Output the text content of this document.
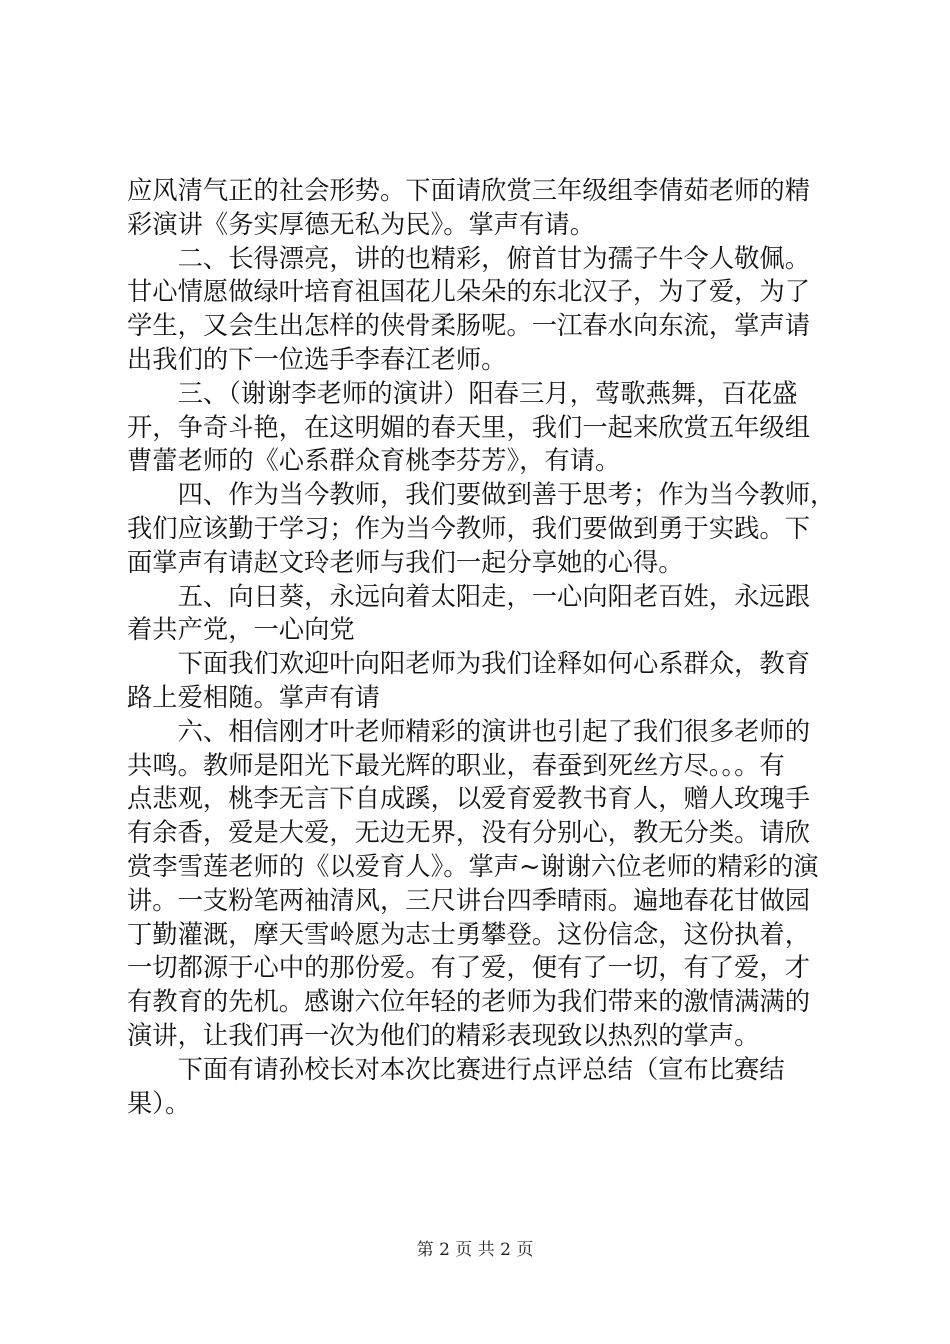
应风清气正的社会形势。下面请欣赏三年级组李倩茹老师的精
彩演讲《务实厚德无私为民》。掌声有请。
　　二、长得漂亮，讲的也精彩，俯首甘为孺子牛令人敬佩。
甘心情愿做绿叶培育祖国花儿朵朵的东北汉子，为了爱，为了
学生，又会生出怎样的侠骨柔肠呢。一江春水向东流，掌声请
出我们的下一位选手李春江老师。
　　三、（谢谢李老师的演讲）阳春三月，莺歌燕舞，百花盛
开，争奇斗艳，在这明媚的春天里，我们一起来欣赏五年级组
曹蕾老师的《心系群众育桃李芬芳》，有请。
　　四、作为当今教师，我们要做到善于思考；作为当今教师，
我们应该勤于学习；作为当今教师，我们要做到勇于实践。下
面掌声有请赵文玲老师与我们一起分享她的心得。
　　五、向日葵，永远向着太阳走，一心向阳老百姓，永远跟
着共产党，一心向党
　　下面我们欢迎叶向阳老师为我们诠释如何心系群众，教育
路上爱相随。掌声有请
　　六、相信刚才叶老师精彩的演讲也引起了我们很多老师的
共鸣。教师是阳光下最光辉的职业，春蚕到死丝方尽。。。有
点悲观，桃李无言下自成蹊，以爱育爱教书育人，赠人玫瑰手
有余香，爱是大爱，无边无界，没有分别心，教无分类。请欣
赏李雪莲老师的《以爱育人》。掌声~谢谢六位老师的精彩的演
讲。一支粉笔两袖清风，三尺讲台四季晴雨。遍地春花甘做园
丁勤灌溉，摩天雪岭愿为志士勇攀登。这份信念，这份执着，
一切都源于心中的那份爱。有了爱，便有了一切，有了爱，才
有教育的先机。感谢六位年轻的老师为我们带来的激情满满的
演讲，让我们再一次为他们的精彩表现致以热烈的掌声。
　　下面有请孙校长对本次比赛进行点评总结（宣布比赛结
果）。
第 2 页 共 2 页
